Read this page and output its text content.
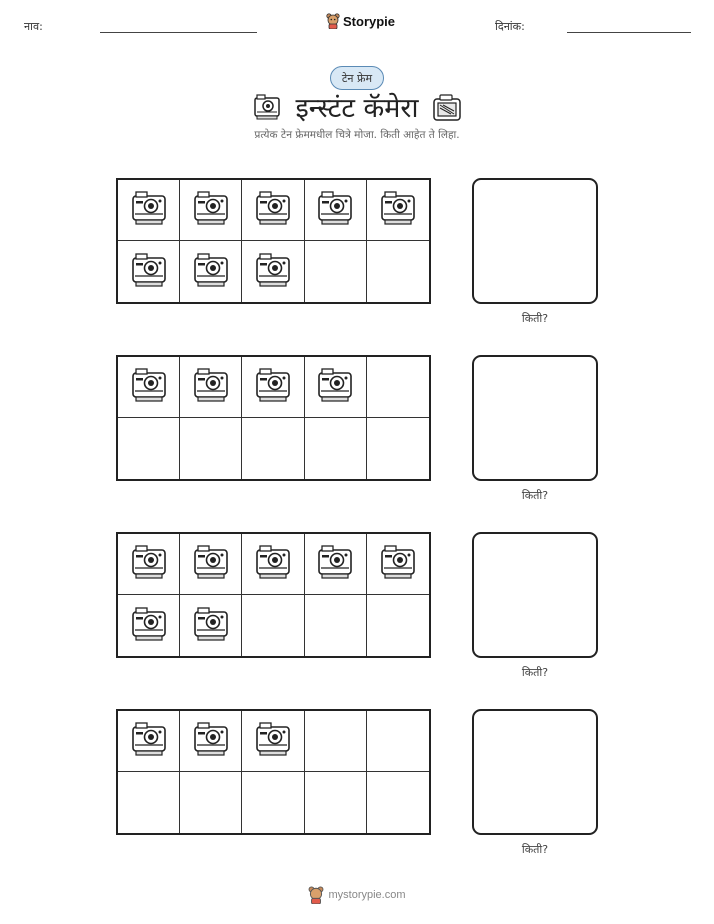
नाव:	Storypie	दिनांक:
टेन फ्रेम
इन्स्टंट कॅमेरा
प्रत्येक टेन फ्रेममधील चित्रे मोजा. किती आहेत ते लिहा.
किती?
किती?
किती?
किती?
mystorypie.com
